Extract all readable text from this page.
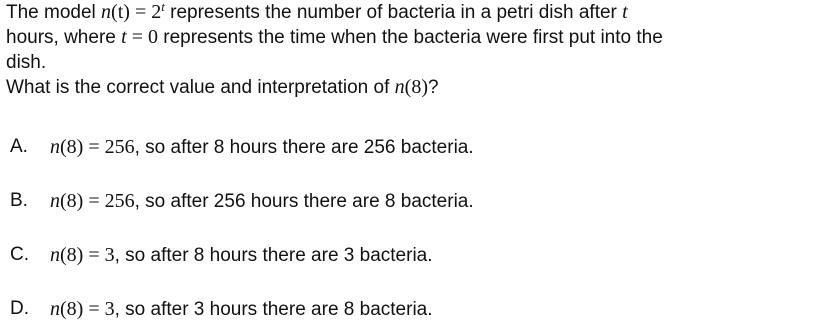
The model $n(t) = 2^t$ represents the number of bacteria in a petri dish after t
hours, where t = 0 represents the time when the bacteria were first put into the
dish.
What is the correct value and interpretation of n(8)?
A.	n(8) = 256, so after 8 hours there are 256 bacteria.
B.	n(8) = 256, so after 256 hours there are 8 bacteria.
C.	n(8) = 3, so after 8 hours there are 3 bacteria.
D.	n(8) = 3, so after 3 hours there are 8 bacteria.
